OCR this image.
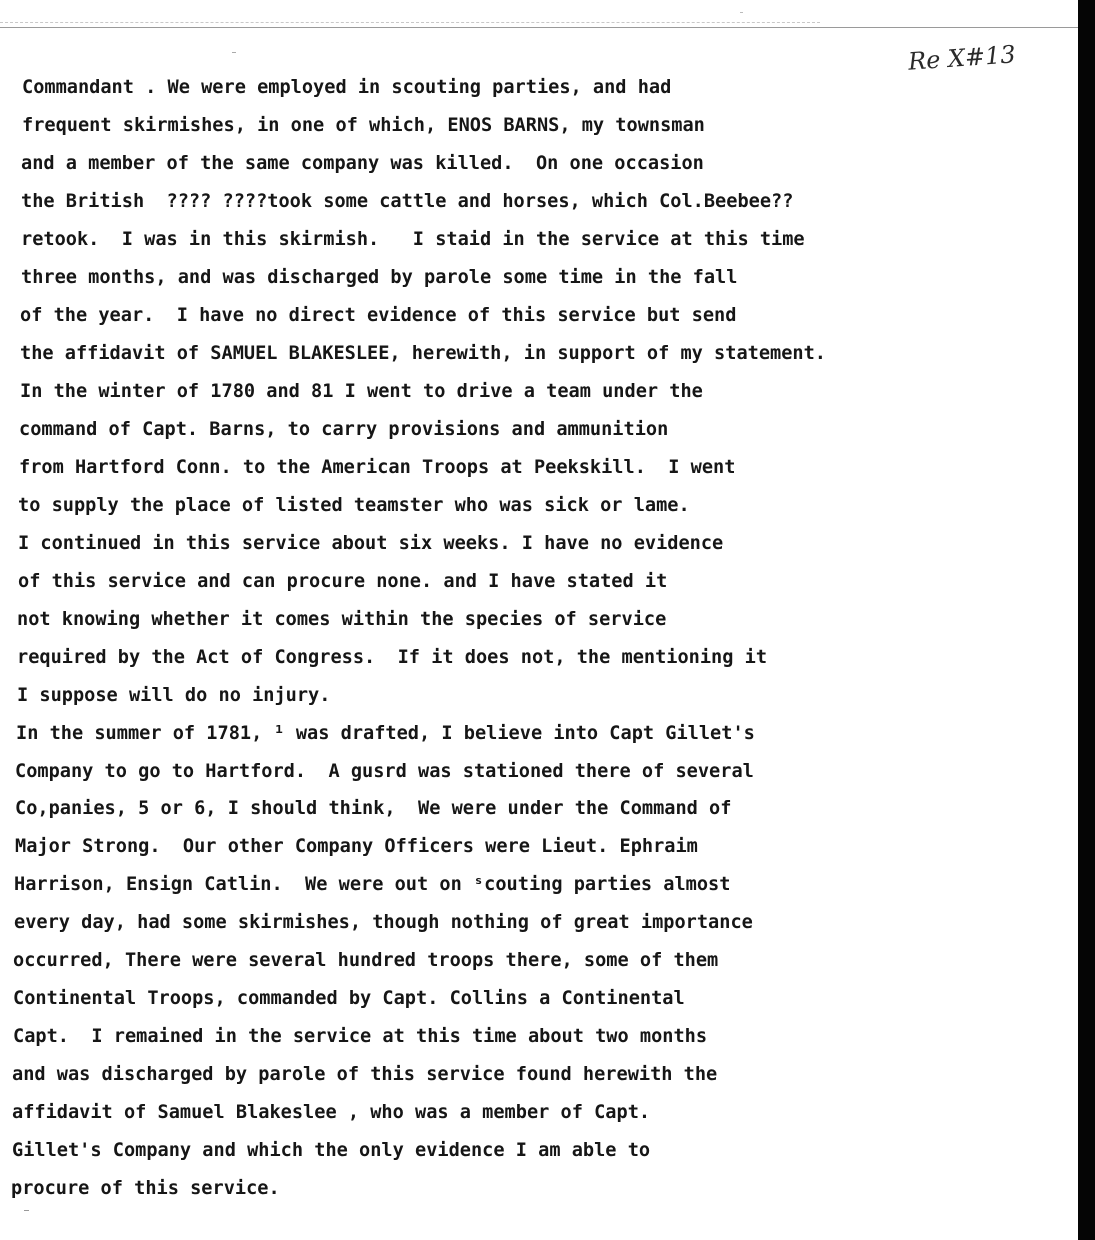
Re X#13
Commandant . We were employed in scouting parties, and had
frequent skirmishes, in one of which, ENOS BARNS, my townsman
and a member of the same company was killed.  On one occasion
the British  ???? ????took some cattle and horses, which Col.Beebee??
retook.  I was in this skirmish.   I staid in the service at this time
three months, and was discharged by parole some time in the fall
of the year.  I have no direct evidence of this service but send
the affidavit of SAMUEL BLAKESLEE, herewith, in support of my statement.
In the winter of 1780 and 81 I went to drive a team under the
command of Capt. Barns, to carry provisions and ammunition
from Hartford Conn. to the American Troops at Peekskill.  I went
to supply the place of listed teamster who was sick or lame.
I continued in this service about six weeks. I have no evidence
of this service and can procure none. and I have stated it
not knowing whether it comes within the species of service
required by the Act of Congress.  If it does not, the mentioning it
I suppose will do no injury.
In the summer of 1781, ¹ was drafted, I believe into Capt Gillet's
Company to go to Hartford.  A gusrd was stationed there of several
Co,panies, 5 or 6, I should think,  We were under the Command of
Major Strong.  Our other Company Officers were Lieut. Ephraim
Harrison, Ensign Catlin.  We were out on ˢcouting parties almost
every day, had some skirmishes, though nothing of great importance
occurred, There were several hundred troops there, some of them
Continental Troops, commanded by Capt. Collins a Continental
Capt.  I remained in the service at this time about two months
and was discharged by parole of this service found herewith the
affidavit of Samuel Blakeslee , who was a member of Capt.
Gillet's Company and which the only evidence I am able to
procure of this service.
